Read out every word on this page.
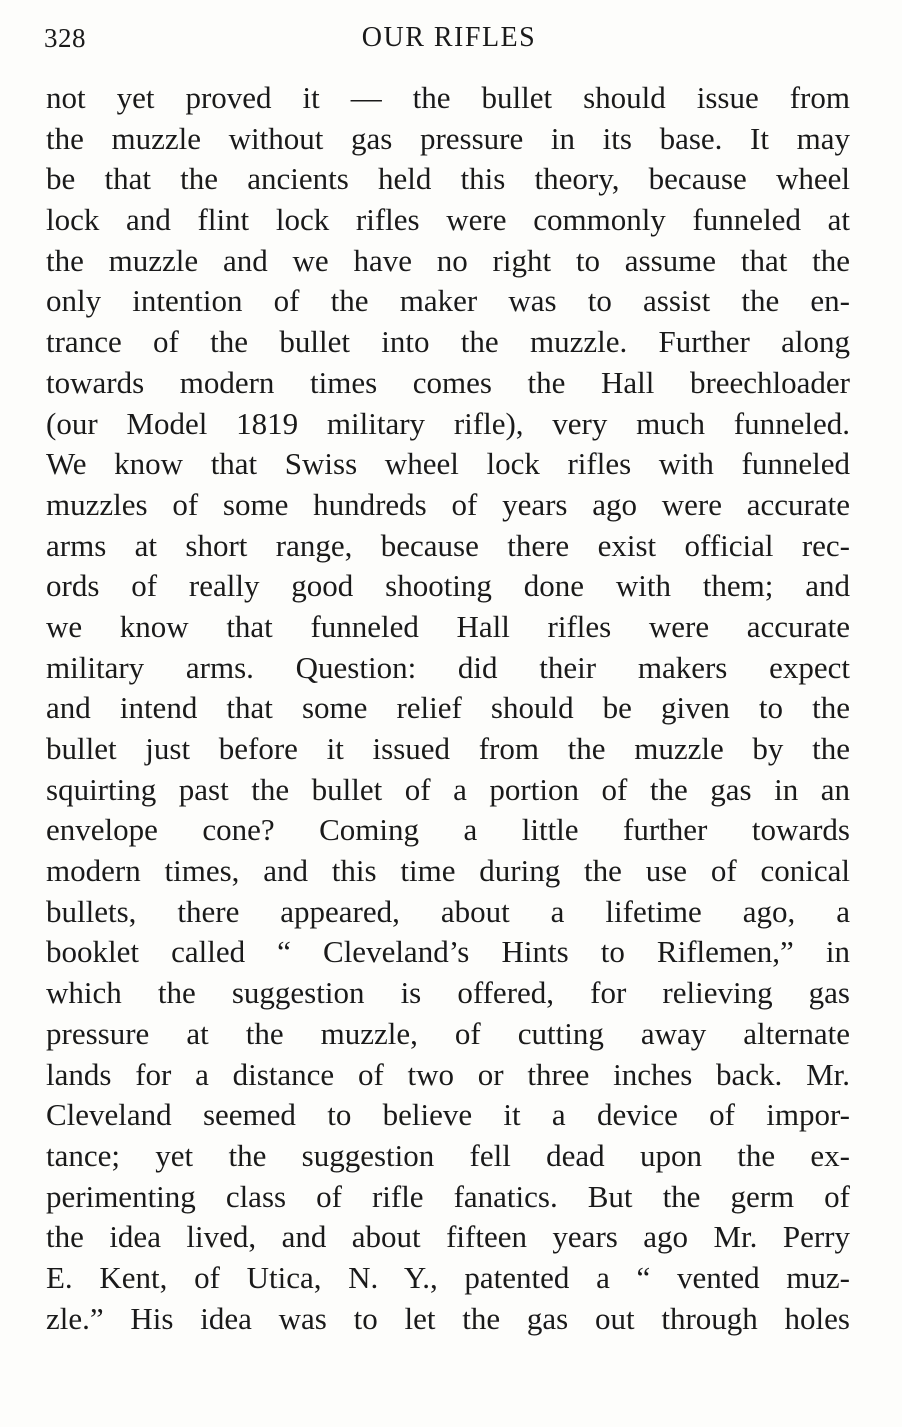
328	OUR RIFLES
not yet proved it — the bullet should issue from
the muzzle without gas pressure in its base. It may
be that the ancients held this theory, because wheel
lock and flint lock rifles were commonly funneled at
the muzzle and we have no right to assume that the
only intention of the maker was to assist the en-
trance of the bullet into the muzzle. Further along
towards modern times comes the Hall breechloader
(our Model 1819 military rifle), very much funneled.
We know that Swiss wheel lock rifles with funneled
muzzles of some hundreds of years ago were accurate
arms at short range, because there exist official rec-
ords of really good shooting done with them; and
we know that funneled Hall rifles were accurate
military arms. Question: did their makers expect
and intend that some relief should be given to the
bullet just before it issued from the muzzle by the
squirting past the bullet of a portion of the gas in an
envelope cone? Coming a little further towards
modern times, and this time during the use of conical
bullets, there appeared, about a lifetime ago, a
booklet called “ Cleveland’s Hints to Riflemen,” in
which the suggestion is offered, for relieving gas
pressure at the muzzle, of cutting away alternate
lands for a distance of two or three inches back. Mr.
Cleveland seemed to believe it a device of impor-
tance; yet the suggestion fell dead upon the ex-
perimenting class of rifle fanatics. But the germ of
the idea lived, and about fifteen years ago Mr. Perry
E. Kent, of Utica, N. Y., patented a “ vented muz-
zle.” His idea was to let the gas out through holes
